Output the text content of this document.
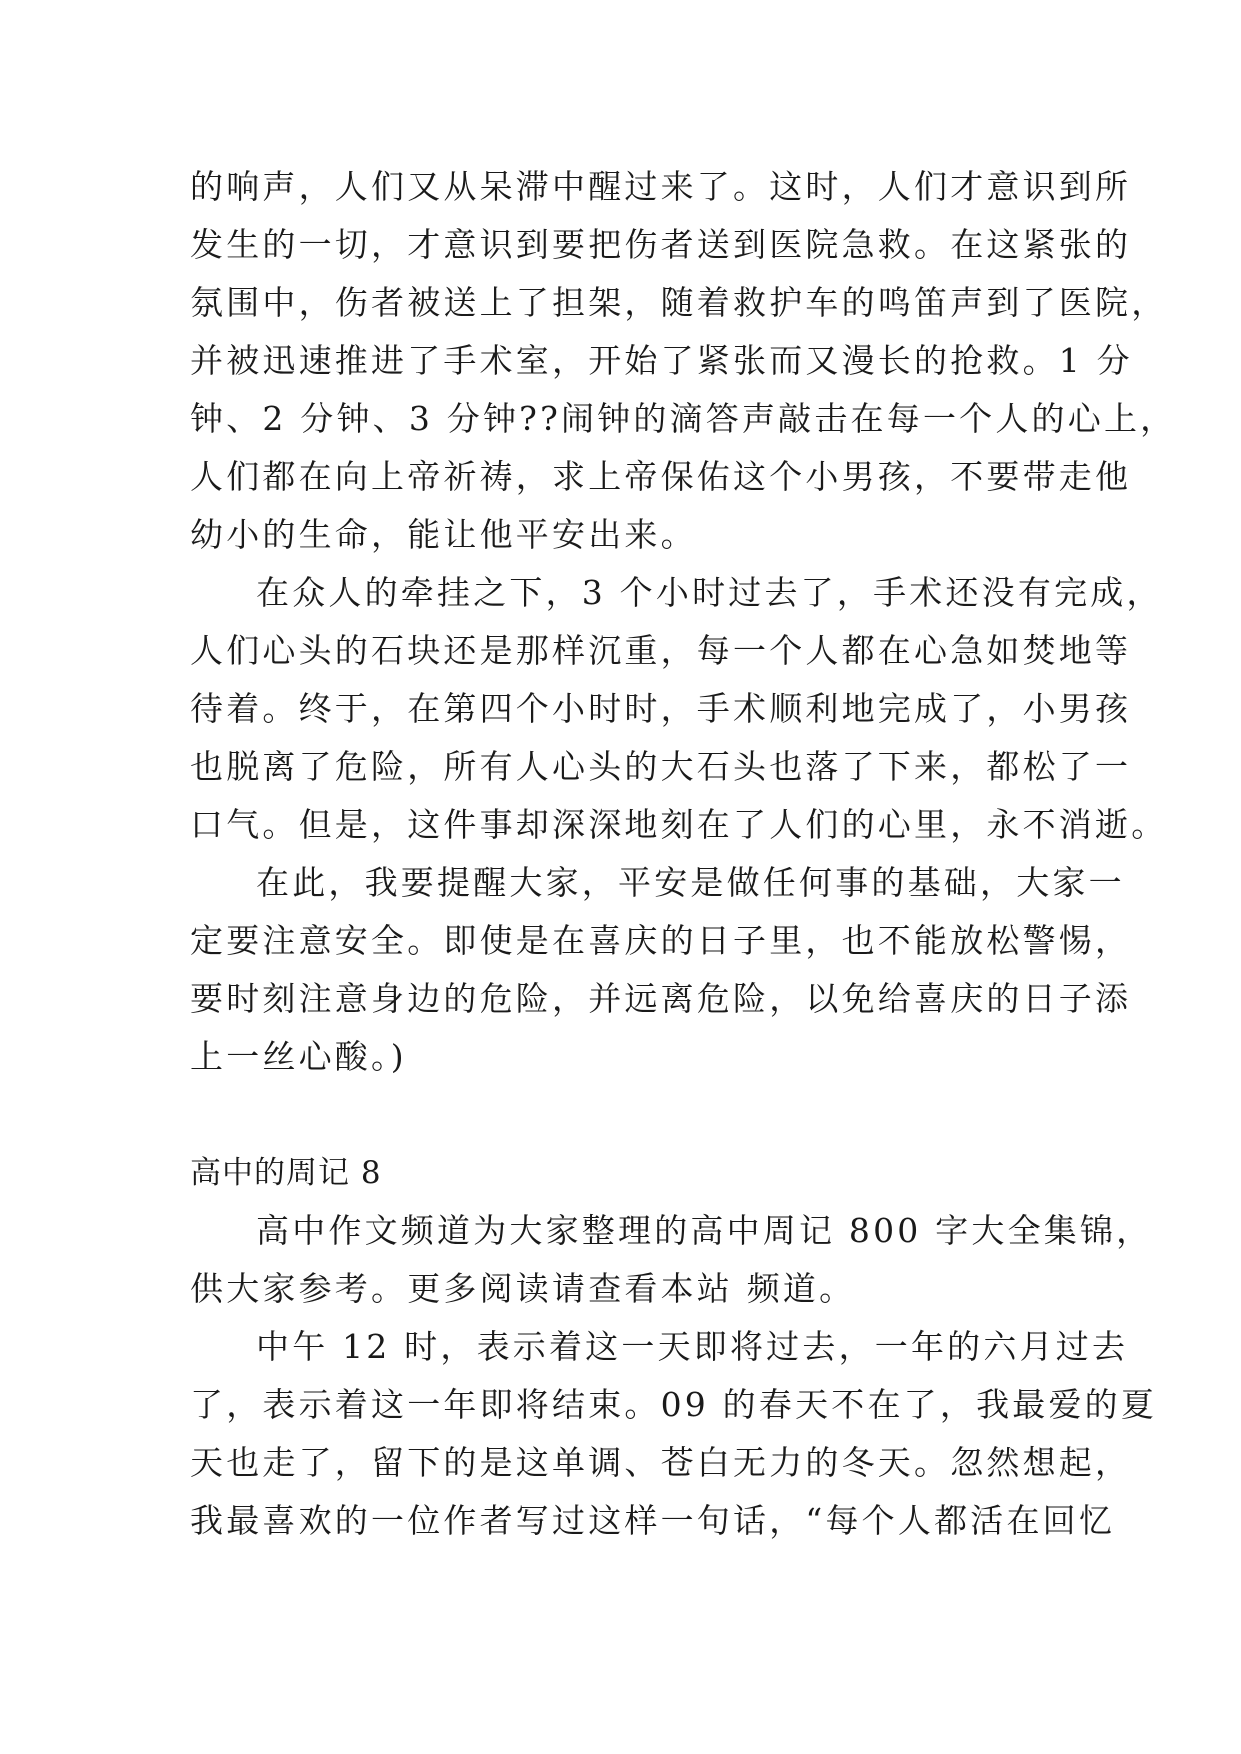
的响声，人们又从呆滞中醒过来了。这时，人们才意识到所
发生的一切，才意识到要把伤者送到医院急救。在这紧张的
氛围中，伤者被送上了担架，随着救护车的鸣笛声到了医院，
并被迅速推进了手术室，开始了紧张而又漫长的抢救。1 分
钟、2 分钟、3 分钟??闹钟的滴答声敲击在每一个人的心上，
人们都在向上帝祈祷，求上帝保佑这个小男孩，不要带走他
幼小的生命，能让他平安出来。
在众人的牵挂之下，3 个小时过去了，手术还没有完成，
人们心头的石块还是那样沉重，每一个人都在心急如焚地等
待着。终于，在第四个小时时，手术顺利地完成了，小男孩
也脱离了危险，所有人心头的大石头也落了下来，都松了一
口气。但是，这件事却深深地刻在了人们的心里，永不消逝。
在此，我要提醒大家，平安是做任何事的基础，大家一
定要注意安全。即使是在喜庆的日子里，也不能放松警惕，
要时刻注意身边的危险，并远离危险，以免给喜庆的日子添
上一丝心酸。)
高中的周记 8
高中作文频道为大家整理的高中周记 800 字大全集锦，
供大家参考。更多阅读请查看本站 频道。
中午 12 时，表示着这一天即将过去，一年的六月过去
了，表示着这一年即将结束。09 的春天不在了，我最爱的夏
天也走了，留下的是这单调、苍白无力的冬天。忽然想起，
我最喜欢的一位作者写过这样一句话，“每个人都活在回忆
